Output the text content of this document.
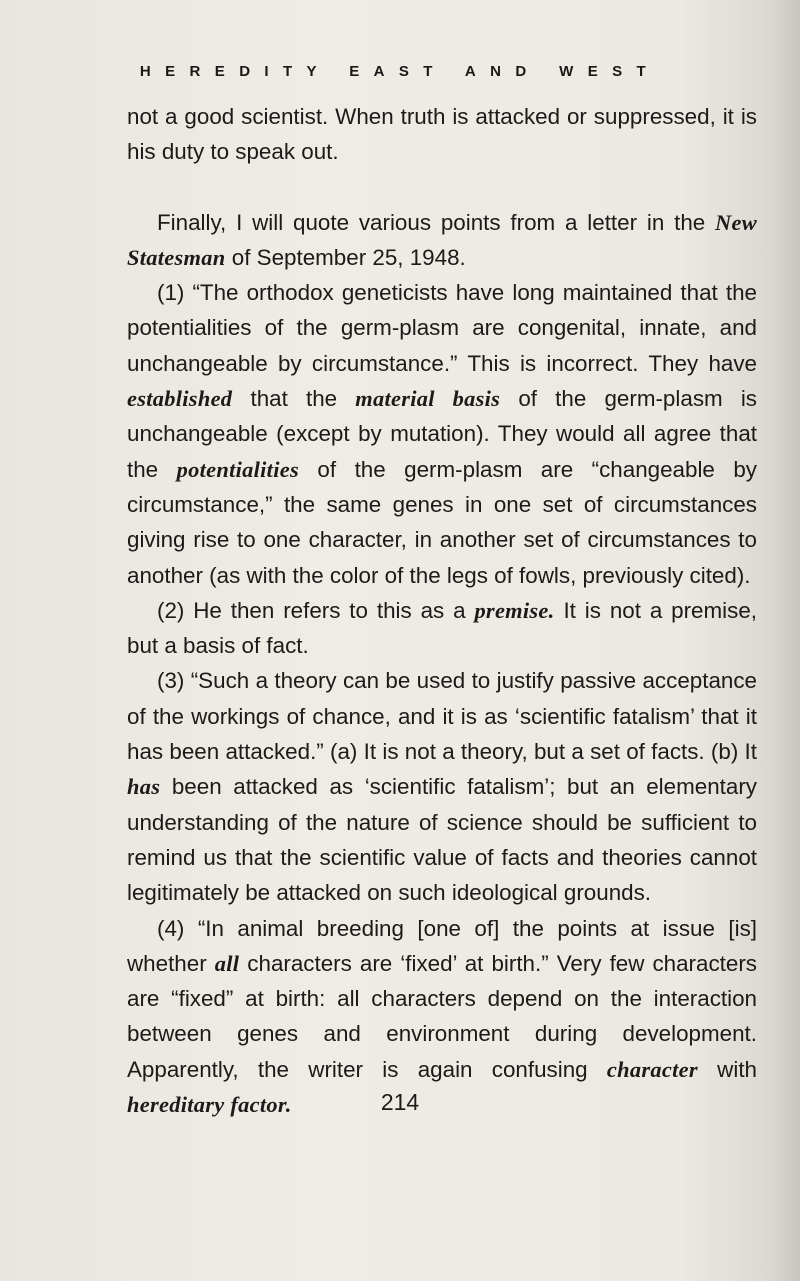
HEREDITY EAST AND WEST

not a good scientist. When truth is attacked or suppressed, it is his duty to speak out.

Finally, I will quote various points from a letter in the New Statesman of September 25, 1948.

(1) “The orthodox geneticists have long maintained that the potentialities of the germ-plasm are congenital, innate, and unchangeable by circumstance.” This is incorrect. They have established that the material basis of the germ-plasm is unchangeable (except by mutation). They would all agree that the potentialities of the germ-plasm are “changeable by circumstance,” the same genes in one set of circumstances giving rise to one character, in another set of circumstances to another (as with the color of the legs of fowls, previously cited).

(2) He then refers to this as a premise. It is not a premise, but a basis of fact.

(3) “Such a theory can be used to justify passive acceptance of the workings of chance, and it is as ‘scientific fatalism’ that it has been attacked.” (a) It is not a theory, but a set of facts. (b) It has been attacked as ‘scientific fatalism’; but an elementary understanding of the nature of science should be sufficient to remind us that the scientific value of facts and theories cannot legitimately be attacked on such ideological grounds.

(4) “In animal breeding [one of] the points at issue [is] whether all characters are ‘fixed’ at birth.” Very few characters are “fixed” at birth: all characters depend on the interaction between genes and environment during development. Apparently, the writer is again confusing character with hereditary factor.	214
